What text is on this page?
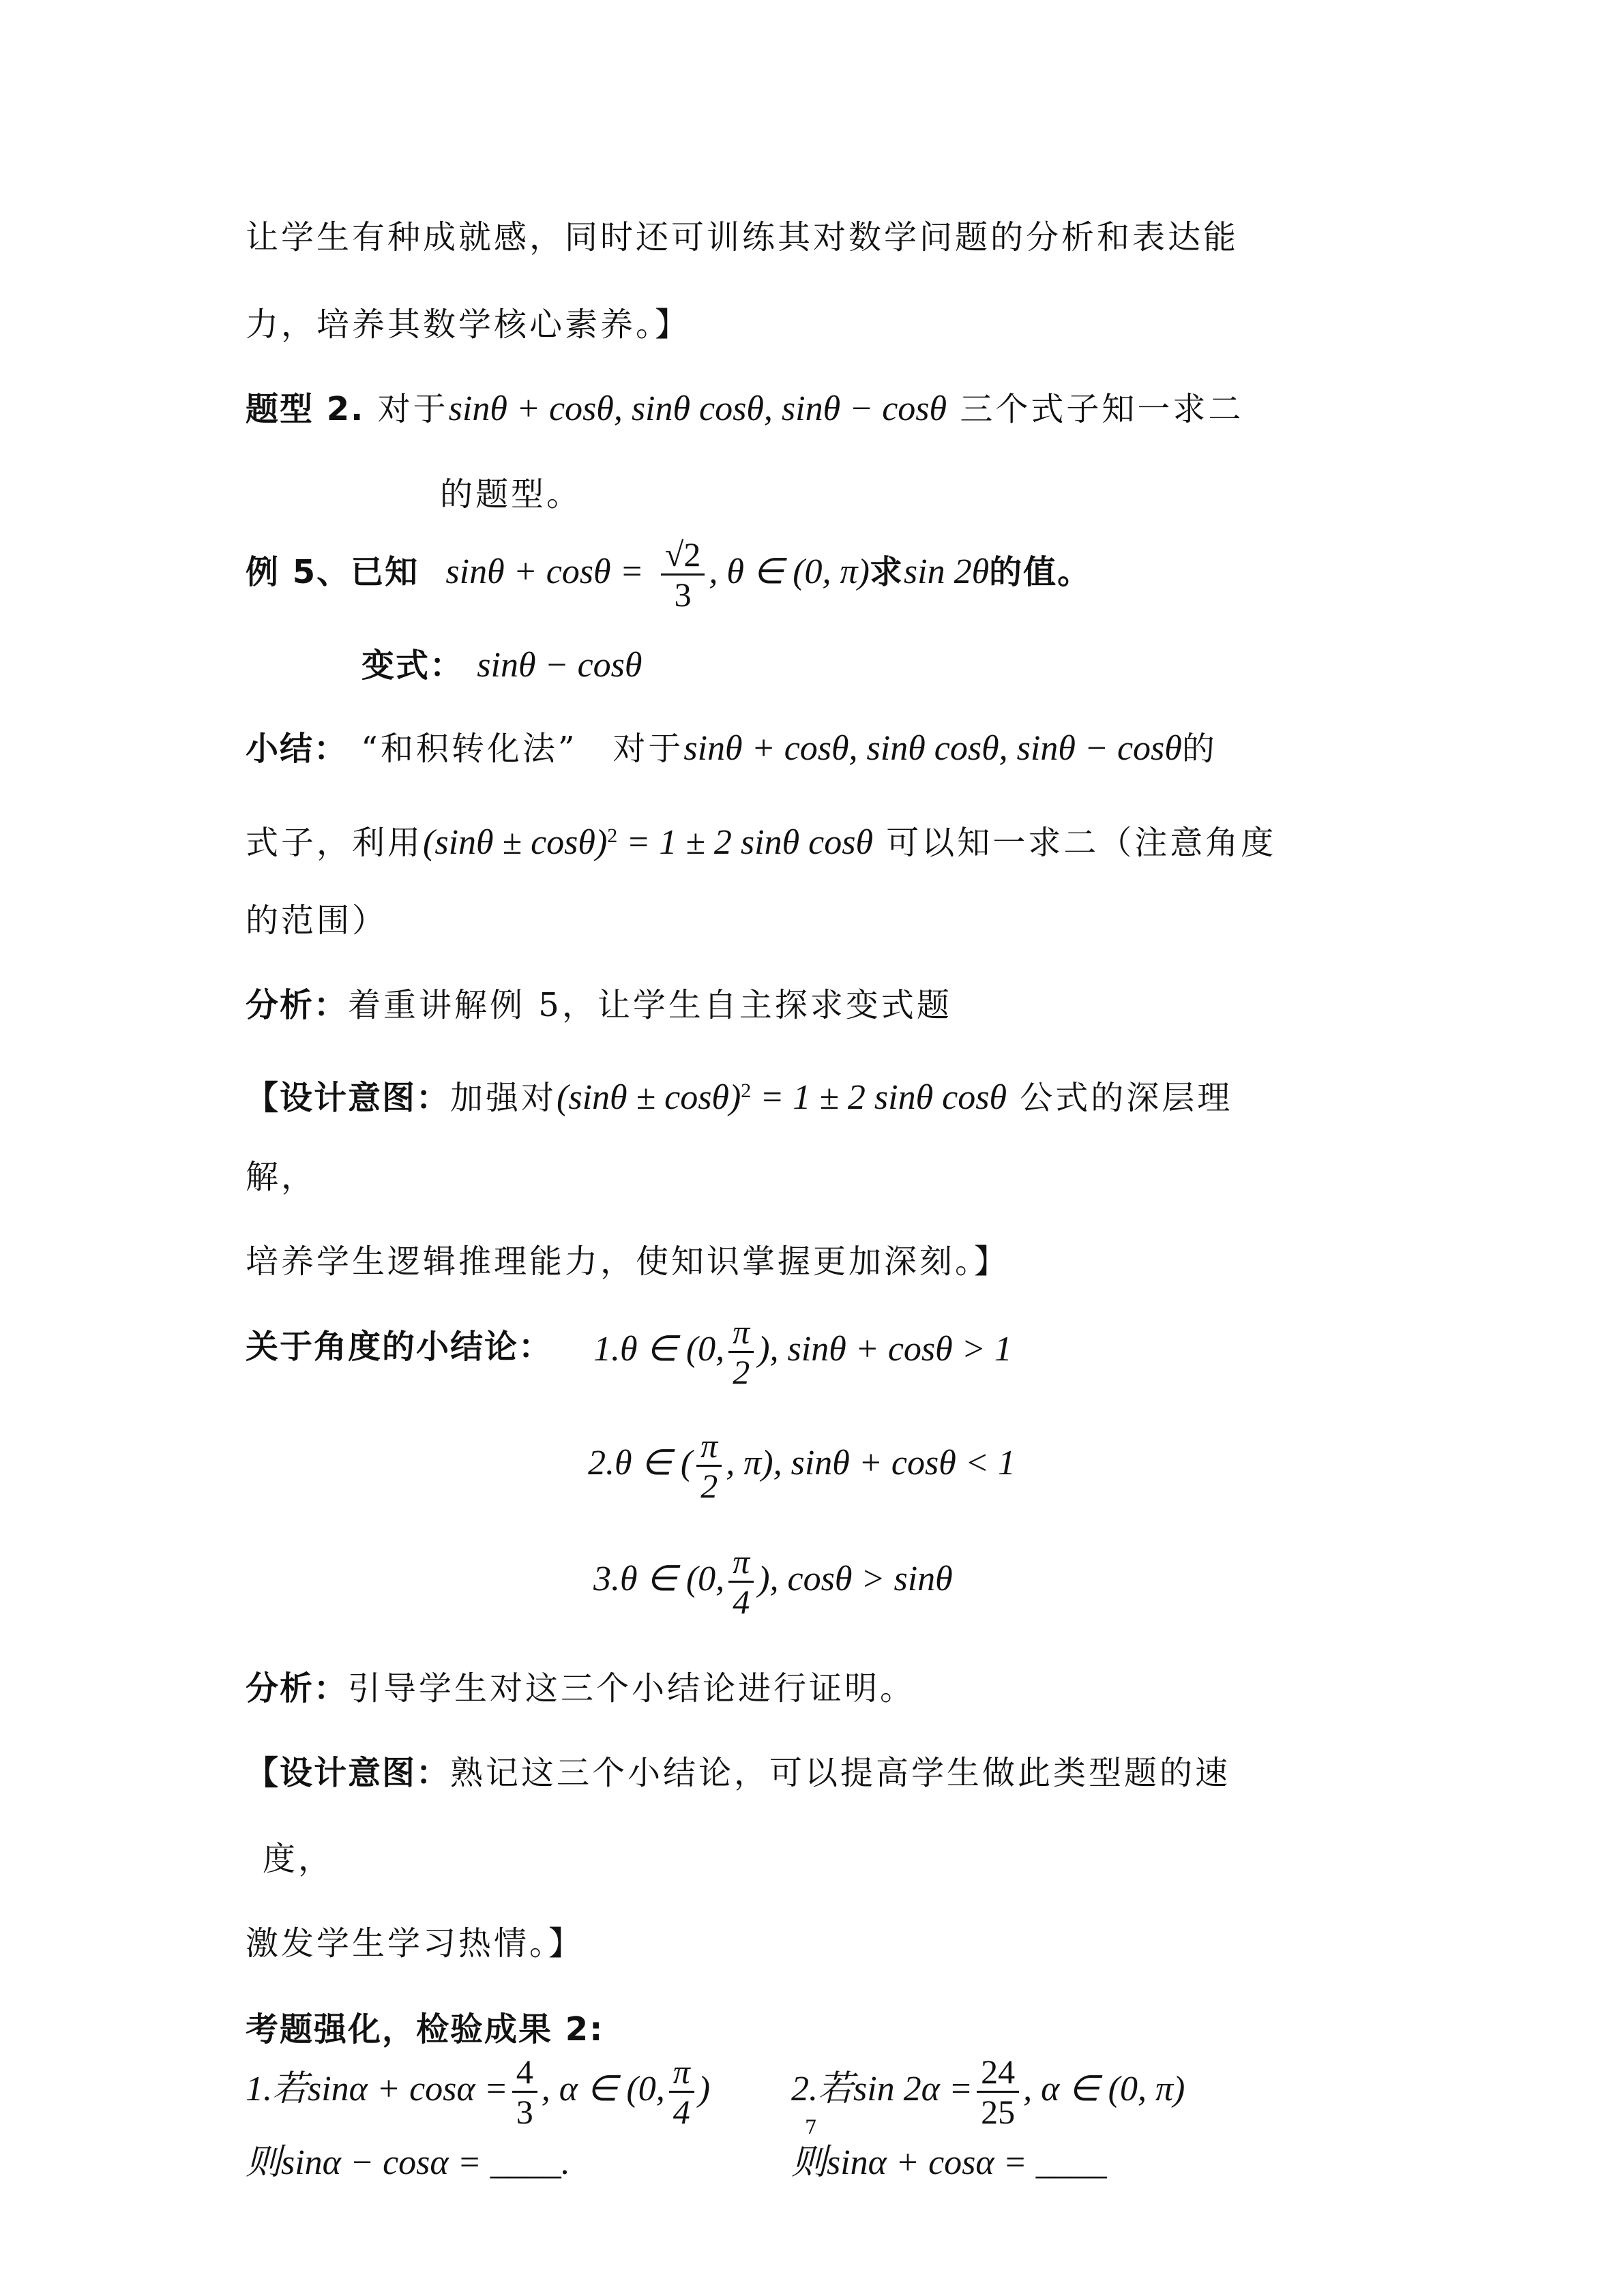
让学生有种成就感，同时还可训练其对数学问题的分析和表达能
力，培养其数学核心素养。】
题型 2. 对于sinθ + cosθ, sinθ cosθ, sinθ − cosθ 三个式子知一求二
的题型。
例 5、已知 $\sin\theta + \cos\theta = \frac{√2}{3}$ , θ ∈ (0, π)求sin 2θ的值。
变式： sinθ − cosθ
小结： “和积转化法”　对于sinθ + cosθ, sinθ cosθ, sinθ − cosθ的
式子，利用$(\sin\theta \pm \cos\theta)^2 = 1 \pm 2$ sinθ cosθ 可以知一求二（注意角度
的范围）
分析：着重讲解例 5，让学生自主探求变式题
【设计意图：加强对$(\sin\theta \pm \cos\theta)^2 = 1 \pm 2$ sinθ cosθ 公式的深层理
解，
培养学生逻辑推理能力，使知识掌握更加深刻。】
关于角度的小结论： 1.θ ∈ (0, $\frac{\pi}{2}$ ), sinθ + cosθ > 1
2.θ ∈ ( $\frac{\pi}{2}$ , π), sinθ + cosθ < 1
3.θ ∈ (0, $\frac{\pi}{4}$ ), cosθ > sinθ
分析：引导学生对这三个小结论进行证明。
【设计意图：熟记这三个小结论，可以提高学生做此类型题的速
度，
激发学生学习热情。】
考题强化，检验成果 2:
1.若$\sin\alpha + \cos\alpha = \frac{4}{3}$ , α ∈ (0, $\frac{\pi}{4}$ ) 2.若$\sin 2\alpha = \frac{24}{25}$ , α ∈ (0, π)
7
则sinα − cosα = ____.	则sinα + cosα = ____
